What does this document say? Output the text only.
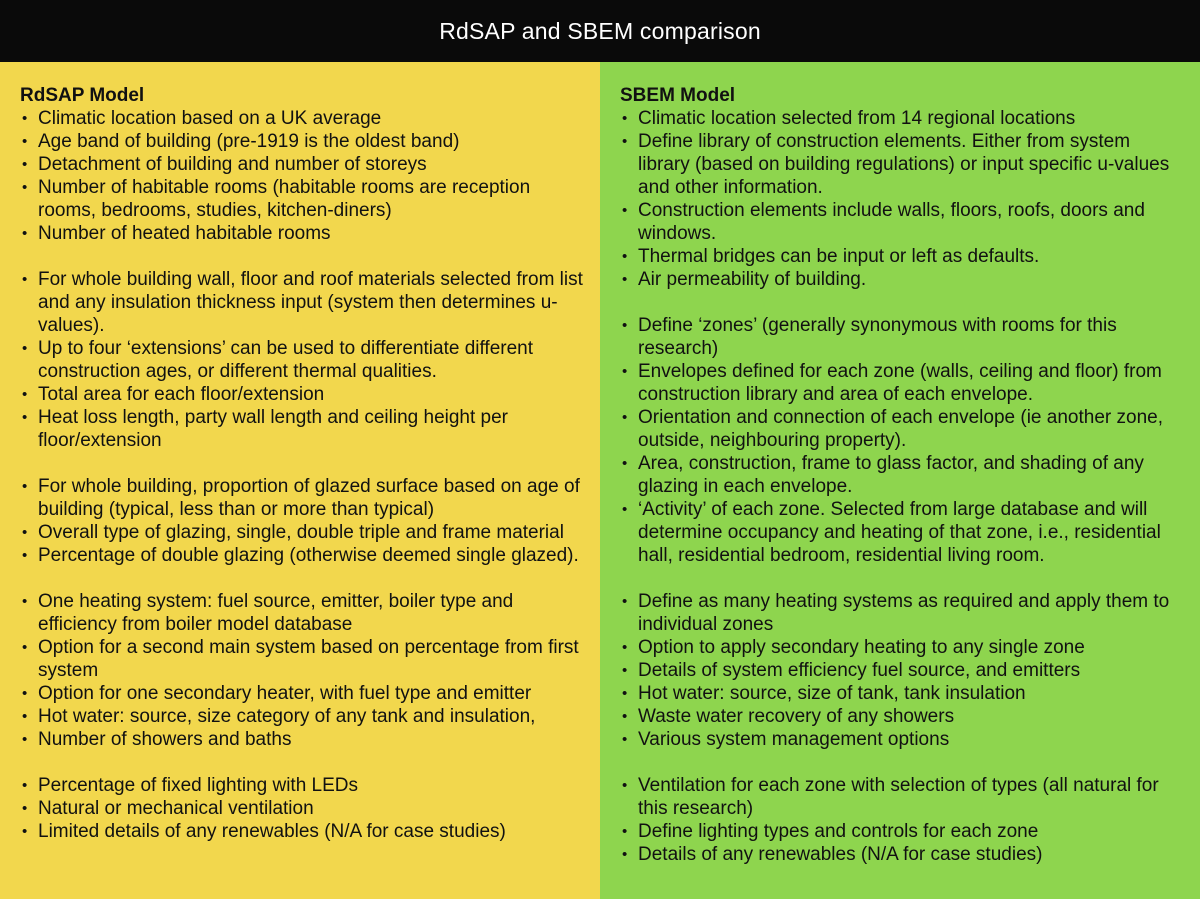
RdSAP and SBEM comparison
RdSAP Model
• Climatic location based on a UK average
• Age band of building (pre-1919 is the oldest band)
• Detachment of building and number of storeys
• Number of habitable rooms (habitable rooms are reception rooms, bedrooms, studies, kitchen-diners)
• Number of heated habitable rooms
• For whole building wall, floor and roof materials selected from list and any insulation thickness input (system then determines u-values).
• Up to four ‘extensions’ can be used to differentiate different construction ages, or different thermal qualities.
• Total area for each floor/extension
• Heat loss length, party wall length and ceiling height per floor/extension
• For whole building, proportion of glazed surface based on age of building (typical, less than or more than typical)
• Overall type of glazing, single, double triple and frame material
• Percentage of double glazing (otherwise deemed single glazed).
• One heating system: fuel source, emitter, boiler type and efficiency from boiler model database
• Option for a second main system based on percentage from first system
• Option for one secondary heater, with fuel type and emitter
• Hot water: source, size category of any tank and insulation,
• Number of showers and baths
• Percentage of fixed lighting with LEDs
• Natural or mechanical ventilation
• Limited details of any renewables (N/A for case studies)
SBEM Model
• Climatic location selected from 14 regional locations
• Define library of construction elements. Either from system library (based on building regulations) or input specific u-values and other information.
• Construction elements include walls, floors, roofs, doors and windows.
• Thermal bridges can be input or left as defaults.
• Air permeability of building.
• Define ‘zones’ (generally synonymous with rooms for this research)
• Envelopes defined for each zone (walls, ceiling and floor) from construction library and area of each envelope.
• Orientation and connection of each envelope (ie another zone, outside, neighbouring property).
• Area, construction, frame to glass factor, and shading of any glazing in each envelope.
• ‘Activity’ of each zone. Selected from large database and will determine occupancy and heating of that zone, i.e., residential hall, residential bedroom, residential living room.
• Define as many heating systems as required and apply them to individual zones
• Option to apply secondary heating to any single zone
• Details of system efficiency fuel source, and emitters
• Hot water: source, size of tank, tank insulation
• Waste water recovery of any showers
• Various system management options
• Ventilation for each zone with selection of types (all natural for this research)
• Define lighting types and controls for each zone
• Details of any renewables (N/A for case studies)
